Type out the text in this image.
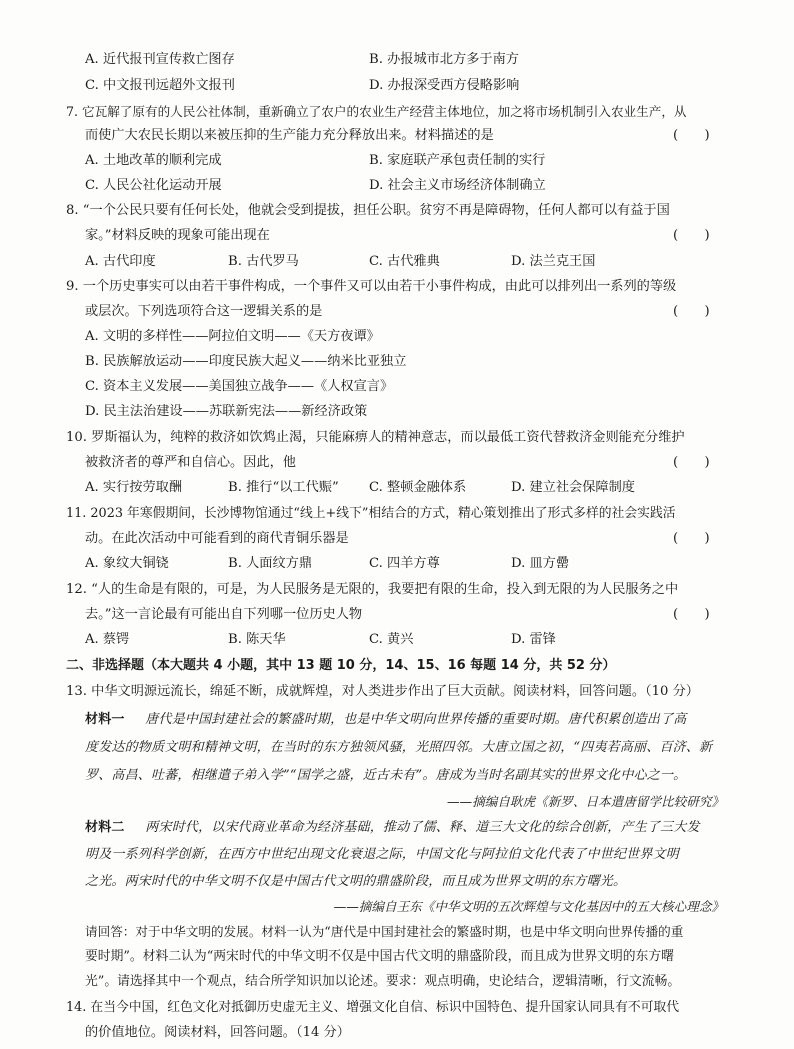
A. 近代报刊宣传救亡图存	B. 办报城市北方多于南方
C. 中文报刊远超外文报刊	D. 办报深受西方侵略影响
7. 它瓦解了原有的人民公社体制，重新确立了农户的农业生产经营主体地位，加之将市场机制引入农业生产，从
而使广大农民长期以来被压抑的生产能力充分释放出来。材料描述的是	(　　)
A. 土地改革的顺利完成	B. 家庭联产承包责任制的实行
C. 人民公社化运动开展	D. 社会主义市场经济体制确立
8. “一个公民只要有任何长处，他就会受到提拔，担任公职。贫穷不再是障碍物，任何人都可以有益于国
家。”材料反映的现象可能出现在	(　　)
A. 古代印度	B. 古代罗马	C. 古代雅典	D. 法兰克王国
9. 一个历史事实可以由若干事件构成，一个事件又可以由若干小事件构成，由此可以排列出一系列的等级
或层次。下列选项符合这一逻辑关系的是	(　　)
A. 文明的多样性——阿拉伯文明——《天方夜谭》
B. 民族解放运动——印度民族大起义——纳米比亚独立
C. 资本主义发展——美国独立战争——《人权宣言》
D. 民主法治建设——苏联新宪法——新经济政策
10. 罗斯福认为，纯粹的救济如饮鸩止渴，只能麻痹人的精神意志，而以最低工资代替救济金则能充分维护
被救济者的尊严和自信心。因此，他	(　　)
A. 实行按劳取酬	B. 推行“以工代赈” C. 整顿金融体系	D. 建立社会保障制度
11. 2023 年寒假期间，长沙博物馆通过“线上+线下”相结合的方式，精心策划推出了形式多样的社会实践活
动。在此次活动中可能看到的商代青铜乐器是	(　　)
A. 象纹大铜铙	B. 人面纹方鼎	C. 四羊方尊	D. 皿方罍
12. “人的生命是有限的，可是，为人民服务是无限的，我要把有限的生命，投入到无限的为人民服务之中
去。”这一言论最有可能出自下列哪一位历史人物	(　　)
A. 蔡锷	B. 陈天华	C. 黄兴	D. 雷锋
二、非选择题（本大题共 4 小题，其中 13 题 10 分，14、15、16 每题 14 分，共 52 分）
13. 中华文明源远流长，绵延不断，成就辉煌，对人类进步作出了巨大贡献。阅读材料，回答问题。（10 分）
材料一 唐代是中国封建社会的繁盛时期，也是中华文明向世界传播的重要时期。唐代积累创造出了高
度发达的物质文明和精神文明，在当时的东方独领风骚，光照四邻。大唐立国之初，“四夷若高丽、百济、新
罗、高昌、吐蕃，相继遣子弟入学”“国学之盛，近古未有”。唐成为当时名副其实的世界文化中心之一。
——摘编自耿虎《新罗、日本遣唐留学比较研究》
材料二 两宋时代，以宋代商业革命为经济基础，推动了儒、释、道三大文化的综合创新，产生了三大发
明及一系列科学创新，在西方中世纪出现文化衰退之际，中国文化与阿拉伯文化代表了中世纪世界文明
之光。两宋时代的中华文明不仅是中国古代文明的鼎盛阶段，而且成为世界文明的东方曙光。
——摘编自王东《中华文明的五次辉煌与文化基因中的五大核心理念》
请回答：对于中华文明的发展。材料一认为“唐代是中国封建社会的繁盛时期，也是中华文明向世界传播的重
要时期”。材料二认为“两宋时代的中华文明不仅是中国古代文明的鼎盛阶段，而且成为世界文明的东方曙
光”。请选择其中一个观点，结合所学知识加以论述。要求：观点明确，史论结合，逻辑清晰，行文流畅。
14. 在当今中国，红色文化对抵御历史虚无主义、增强文化自信、标识中国特色、提升国家认同具有不可取代
的价值地位。阅读材料，回答问题。（14 分）
